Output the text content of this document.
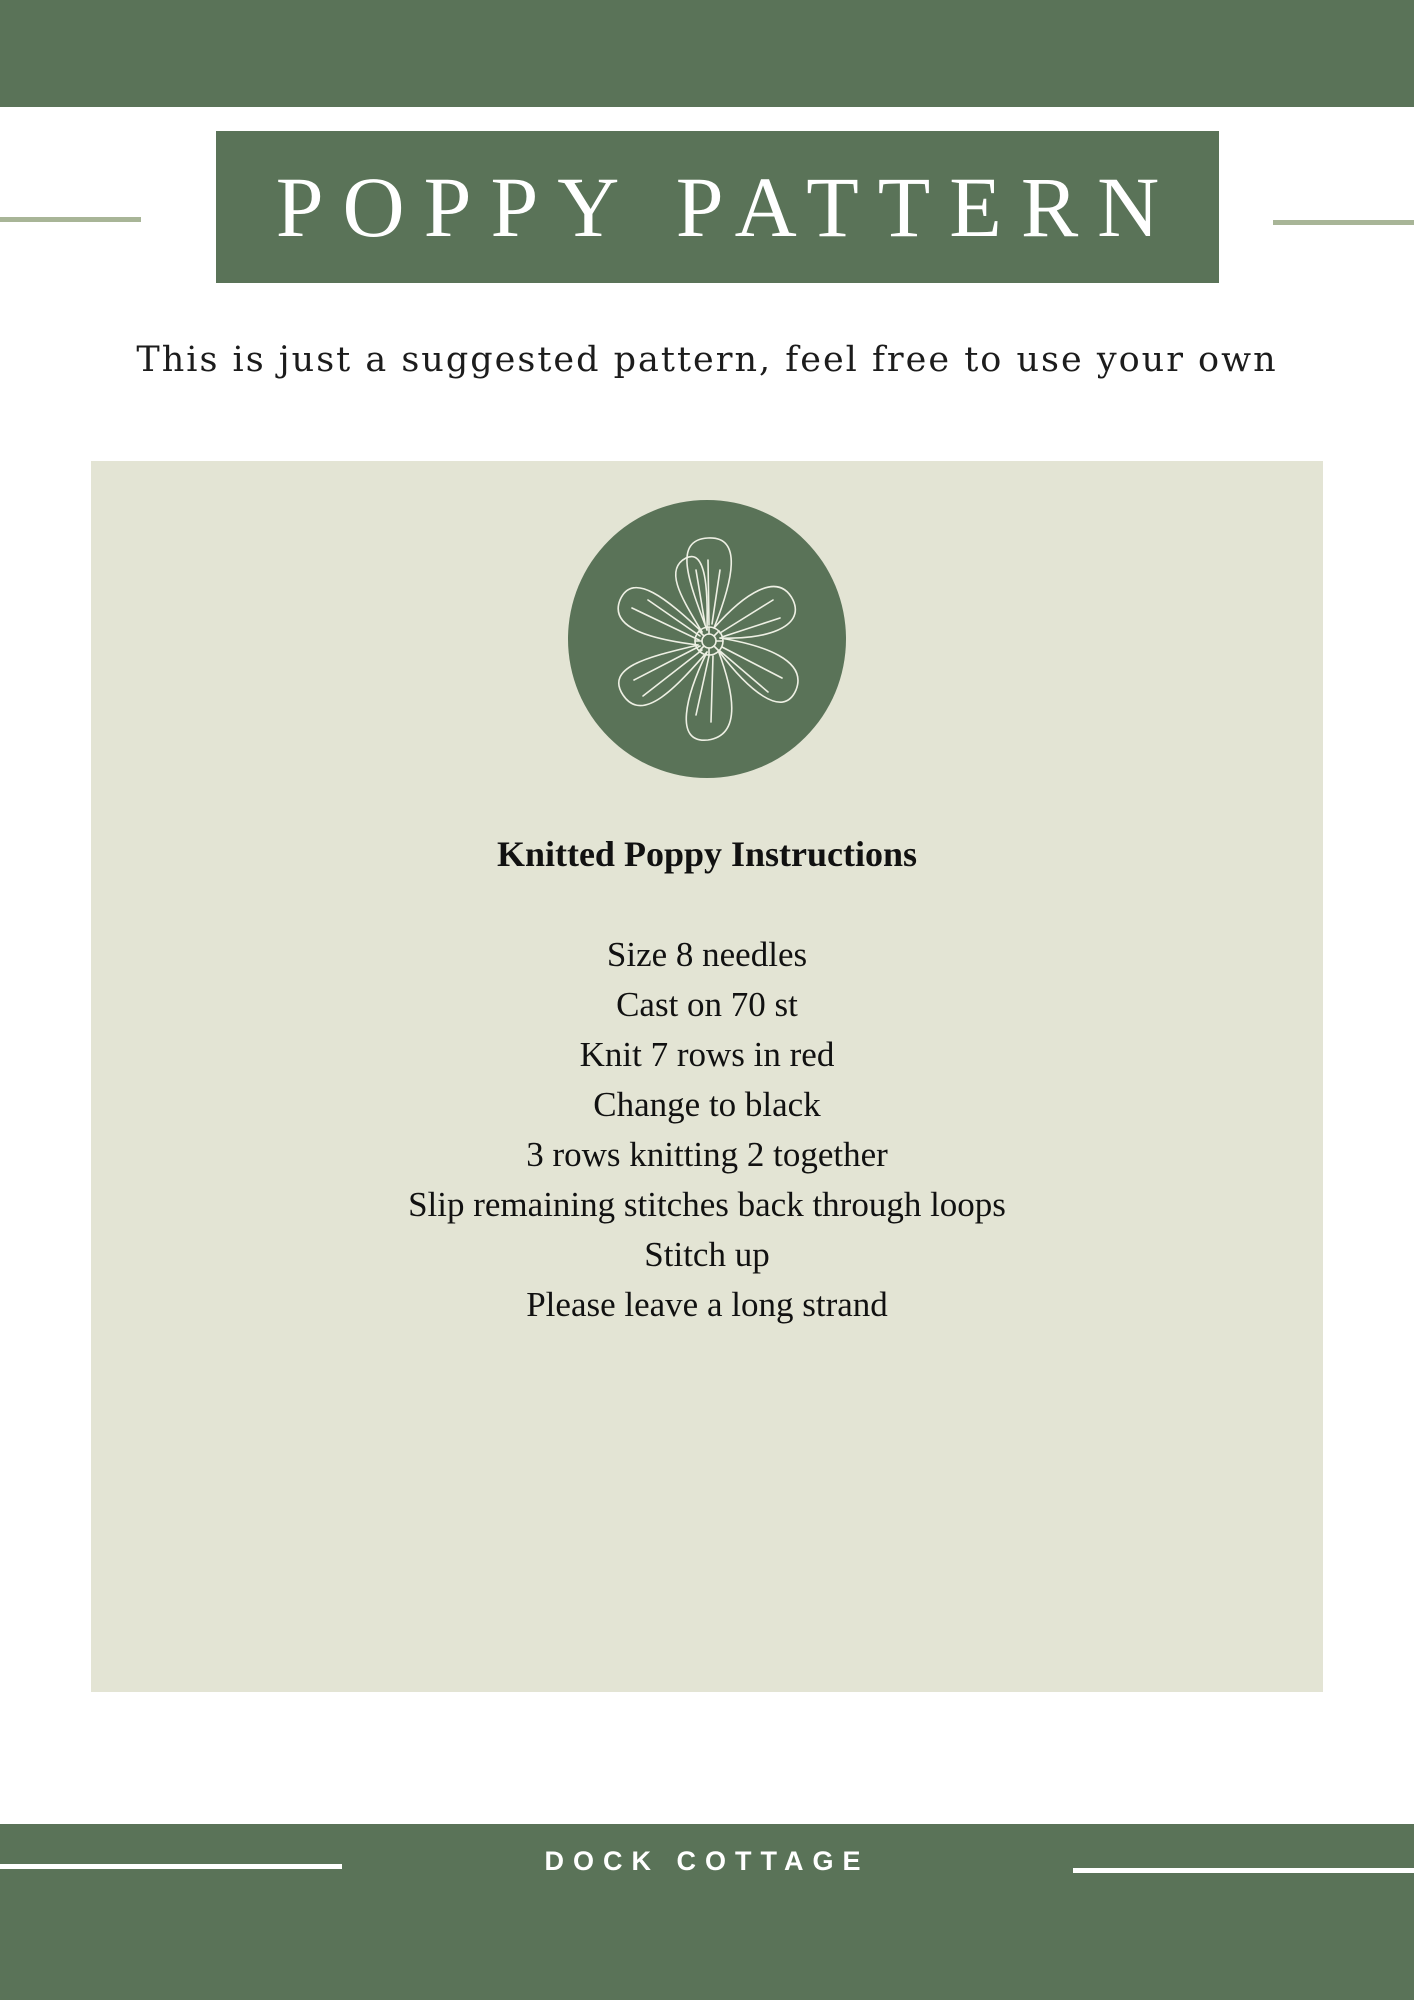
POPPY PATTERN
This is just a suggested pattern, feel free to use your own
Knitted Poppy Instructions
Size 8 needles
Cast on 70 st
Knit 7 rows in red
Change to black
3 rows knitting 2 together
Slip remaining stitches back through loops
Stitch up
Please leave a long strand
DOCK COTTAGE
